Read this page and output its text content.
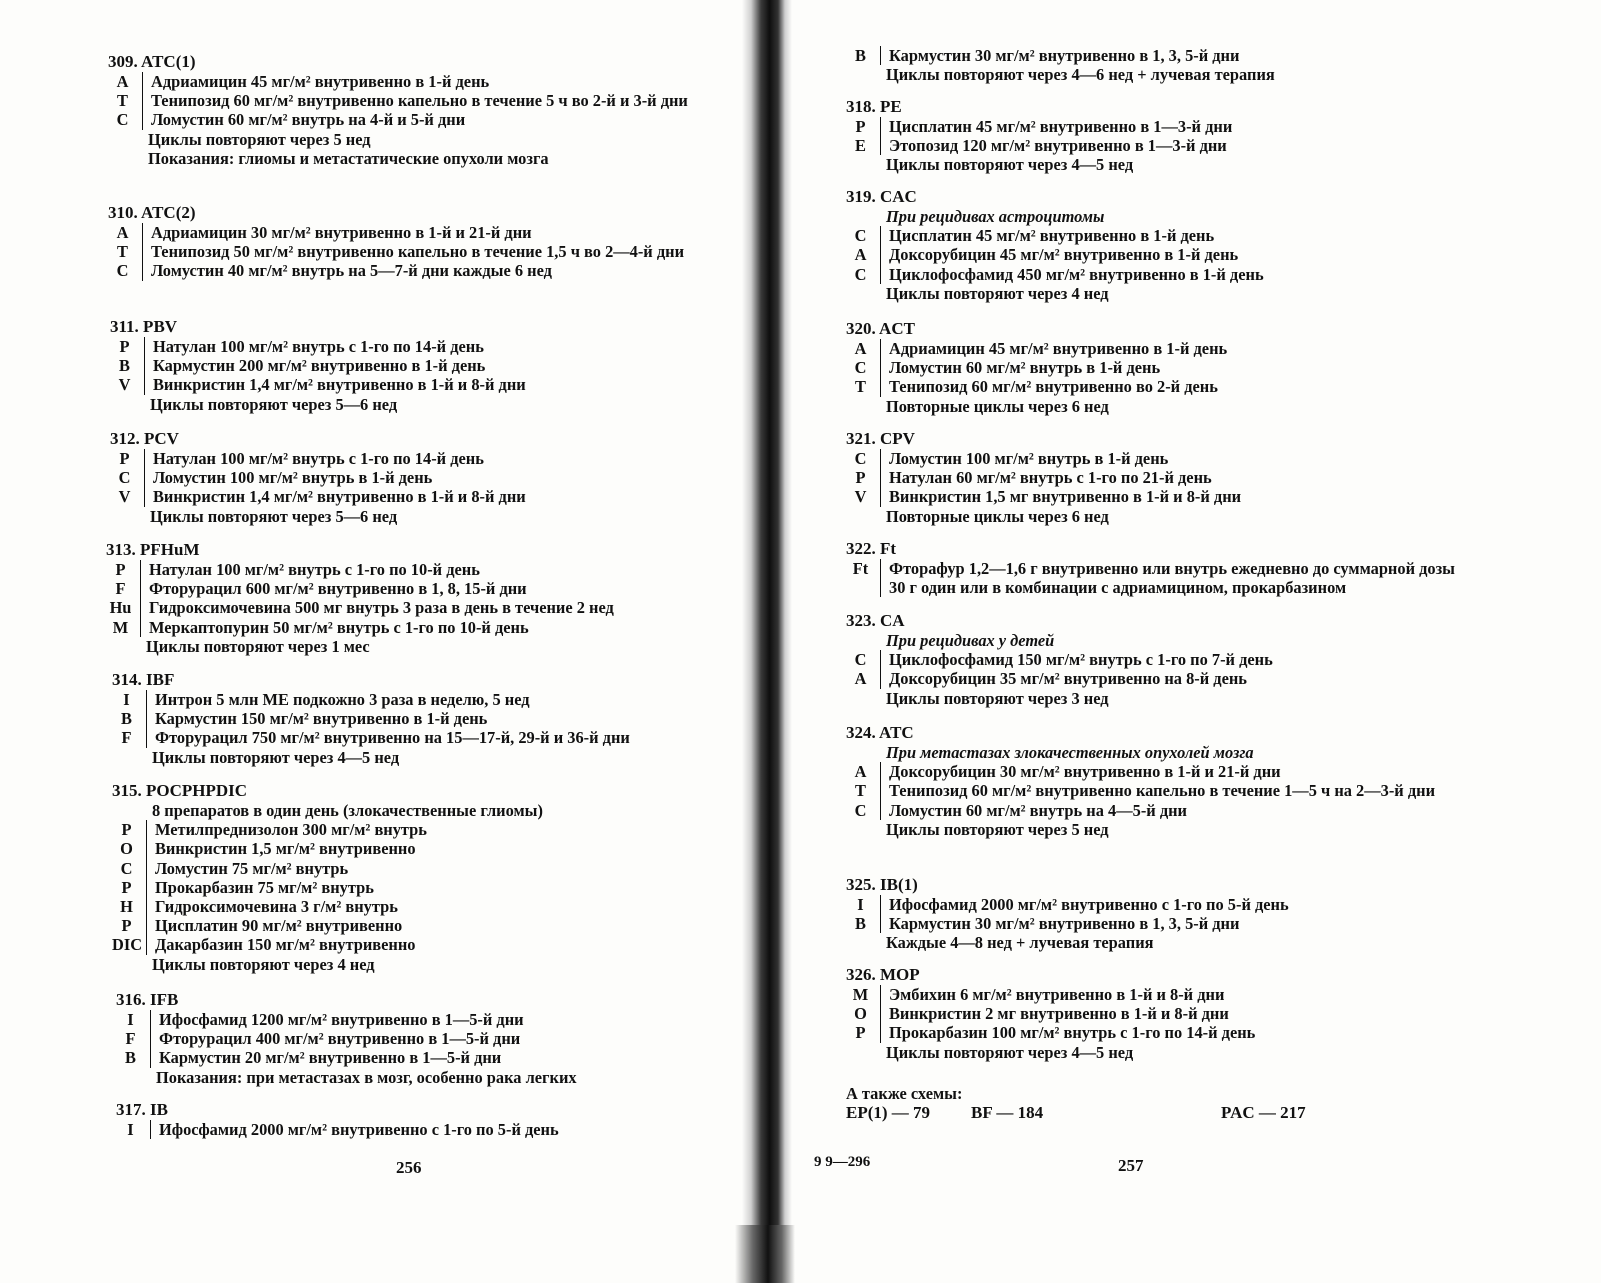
309. ATC(1)
A	Адриамицин 45 мг/м² внутривенно в 1-й день
T	Тенипозид 60 мг/м² внутривенно капельно в течение 5 ч во 2-й и 3-й дни
C	Ломустин 60 мг/м² внутрь на 4-й и 5-й дни
Циклы повторяют через 5 нед
Показания: глиомы и метастатические опухоли мозга
310. ATC(2)
A	Адриамицин 30 мг/м² внутривенно в 1-й и 21-й дни
T	Тенипозид 50 мг/м² внутривенно капельно в течение 1,5 ч во 2—4-й дни
C	Ломустин 40 мг/м² внутрь на 5—7-й дни каждые 6 нед
311. PBV
P	Натулан 100 мг/м² внутрь с 1-го по 14-й день
B	Кармустин 200 мг/м² внутривенно в 1-й день
V	Винкристин 1,4 мг/м² внутривенно в 1-й и 8-й дни
Циклы повторяют через 5—6 нед
312. PCV
P	Натулан 100 мг/м² внутрь с 1-го по 14-й день
C	Ломустин 100 мг/м² внутрь в 1-й день
V	Винкристин 1,4 мг/м² внутривенно в 1-й и 8-й дни
Циклы повторяют через 5—6 нед
313. PFHuM
P	Натулан 100 мг/м² внутрь с 1-го по 10-й день
F	Фторурацил 600 мг/м² внутривенно в 1, 8, 15-й дни
Hu	Гидроксимочевина 500 мг внутрь 3 раза в день в течение 2 нед
M	Меркаптопурин 50 мг/м² внутрь с 1-го по 10-й день
Циклы повторяют через 1 мес
314. IBF
I	Интрон 5 млн МЕ подкожно 3 раза в неделю, 5 нед
B	Кармустин 150 мг/м² внутривенно в 1-й день
F	Фторурацил 750 мг/м² внутривенно на 15—17-й, 29-й и 36-й дни
Циклы повторяют через 4—5 нед
315. POCPHPDIC
8 препаратов в один день (злокачественные глиомы)
P	Метилпреднизолон 300 мг/м² внутрь
O	Винкристин 1,5 мг/м² внутривенно
C	Ломустин 75 мг/м² внутрь
P	Прокарбазин 75 мг/м² внутрь
H	Гидроксимочевина 3 г/м² внутрь
P	Цисплатин 90 мг/м² внутривенно
DIC Дакарбазин 150 мг/м² внутривенно
Циклы повторяют через 4 нед
316. IFB
I	Ифосфамид 1200 мг/м² внутривенно в 1—5-й дни
F	Фторурацил 400 мг/м² внутривенно в 1—5-й дни
B	Кармустин 20 мг/м² внутривенно в 1—5-й дни
Показания: при метастазах в мозг, особенно рака легких
317. IB
I	Ифосфамид 2000 мг/м² внутривенно с 1-го по 5-й день
А также схемы:
EP(1) — 79 BF — 184	PAC — 217
B	Кармустин 30 мг/м² внутривенно в 1, 3, 5-й дни
Циклы повторяют через 4—6 нед + лучевая терапия
318. PE
P	Цисплатин 45 мг/м² внутривенно в 1—3-й дни
E	Этопозид 120 мг/м² внутривенно в 1—3-й дни
Циклы повторяют через 4—5 нед
319. CAC
При рецидивах астроцитомы
C	Цисплатин 45 мг/м² внутривенно в 1-й день
A	Доксорубицин 45 мг/м² внутривенно в 1-й день
C	Циклофосфамид 450 мг/м² внутривенно в 1-й день
Циклы повторяют через 4 нед
320. ACT
A	Адриамицин 45 мг/м² внутривенно в 1-й день
C	Ломустин 60 мг/м² внутрь в 1-й день
T	Тенипозид 60 мг/м² внутривенно во 2-й день
Повторные циклы через 6 нед
321. CPV
C	Ломустин 100 мг/м² внутрь в 1-й день
P	Натулан 60 мг/м² внутрь с 1-го по 21-й день
V	Винкристин 1,5 мг внутривенно в 1-й и 8-й дни
Повторные циклы через 6 нед
322. Ft
Ft	Фторафур 1,2—1,6 г внутривенно или внутрь ежедневно до суммарной дозы 30 г один или в комбинации с адриамицином, прокарбазином
323. CA
При рецидивах у детей
C	Циклофосфамид 150 мг/м² внутрь с 1-го по 7-й день
A	Доксорубицин 35 мг/м² внутривенно на 8-й день
Циклы повторяют через 3 нед
324. ATC
При метастазах злокачественных опухолей мозга
A	Доксорубицин 30 мг/м² внутривенно в 1-й и 21-й дни
T	Тенипозид 60 мг/м² внутривенно капельно в течение 1—5 ч на 2—3-й дни
C	Ломустин 60 мг/м² внутрь на 4—5-й дни
Циклы повторяют через 5 нед
325. IB(1)
I	Ифосфамид 2000 мг/м² внутривенно с 1-го по 5-й день
B	Кармустин 30 мг/м² внутривенно в 1, 3, 5-й дни
Каждые 4—8 нед + лучевая терапия
326. MOP
M	Эмбихин 6 мг/м² внутривенно в 1-й и 8-й дни
O	Винкристин 2 мг внутривенно в 1-й и 8-й дни
P	Прокарбазин 100 мг/м² внутрь с 1-го по 14-й день
Циклы повторяют через 4—5 нед
256	9 9—296	257
